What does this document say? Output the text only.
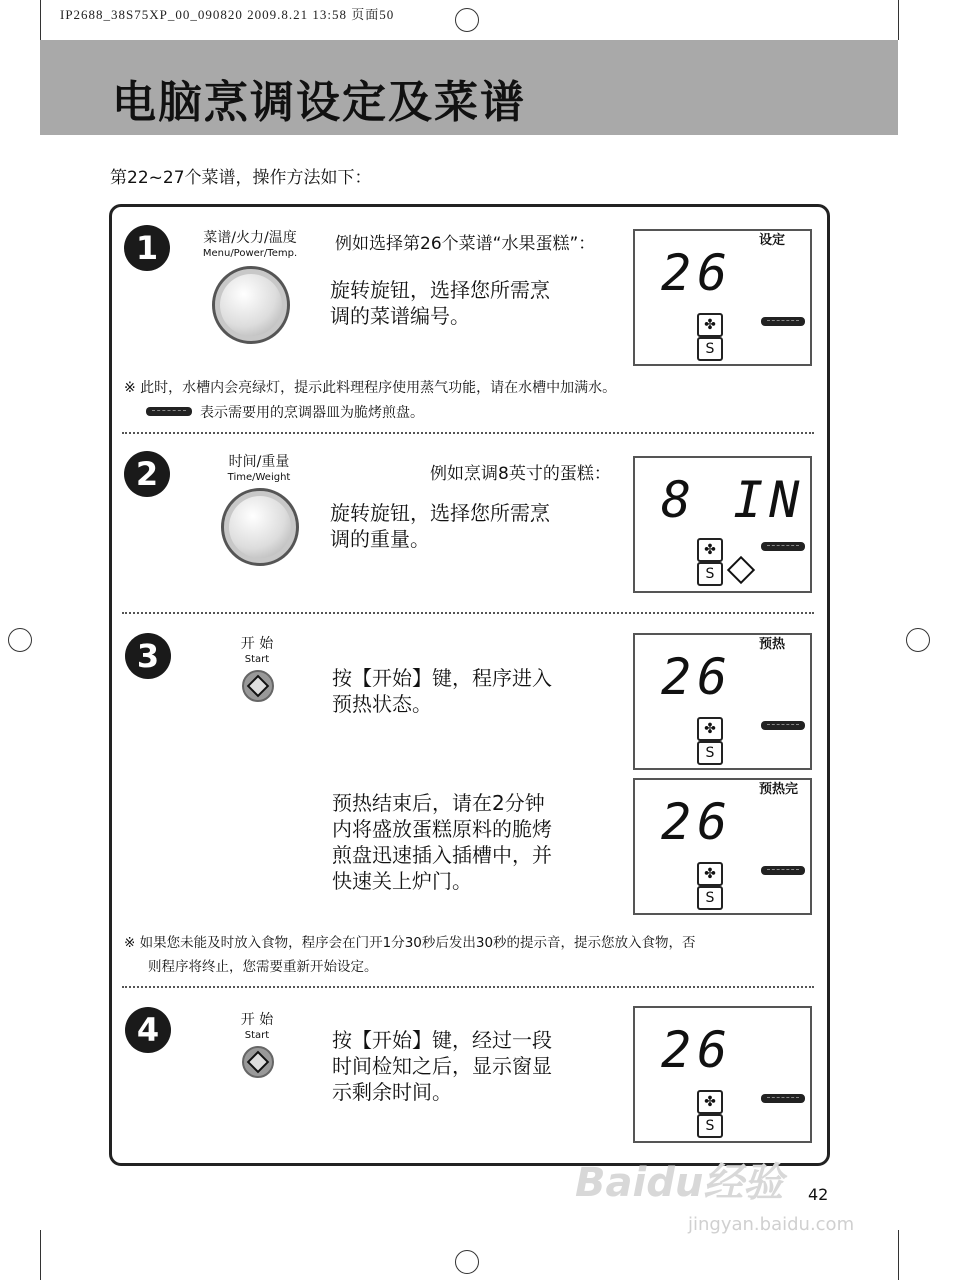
IP2688_38S75XP_00_090820 2009.8.21 13:58 页面50
电脑烹调设定及菜谱
第22~27个菜谱，操作方法如下：
1	菜谱/火力/温度
Menu/Power/Temp.	例如选择第26个菜谱“水果蛋糕”：
旋转旋钮，选择您所需烹
调的菜谱编号。
26
设定
✤
S
※ 此时，水槽内会亮绿灯，提示此料理程序使用蒸气功能，请在水槽中加满水。
表示需要用的烹调器皿为脆烤煎盘。
2	时间/重量
Time/Weight	例如烹调8英寸的蛋糕：
旋转旋钮，选择您所需烹
调的重量。
8 IN
✤
S
3	开 始
Start
按【开始】键，程序进入
预热状态。	26
预热
✤
S
预热结束后，请在2分钟
内将盛放蛋糕原料的脆烤
煎盘迅速插入插槽中，并
快速关上炉门。
26
预热完
✤
S
※ 如果您未能及时放入食物，程序会在门开1分30秒后发出30秒的提示音，提示您放入食物，否
则程序将终止，您需要重新开始设定。
4	开 始
Start	按【开始】键，经过一段
时间检知之后，显示窗显
示剩余时间。
26
✤
S
Baidu经验
jingyan.baidu.com
42
